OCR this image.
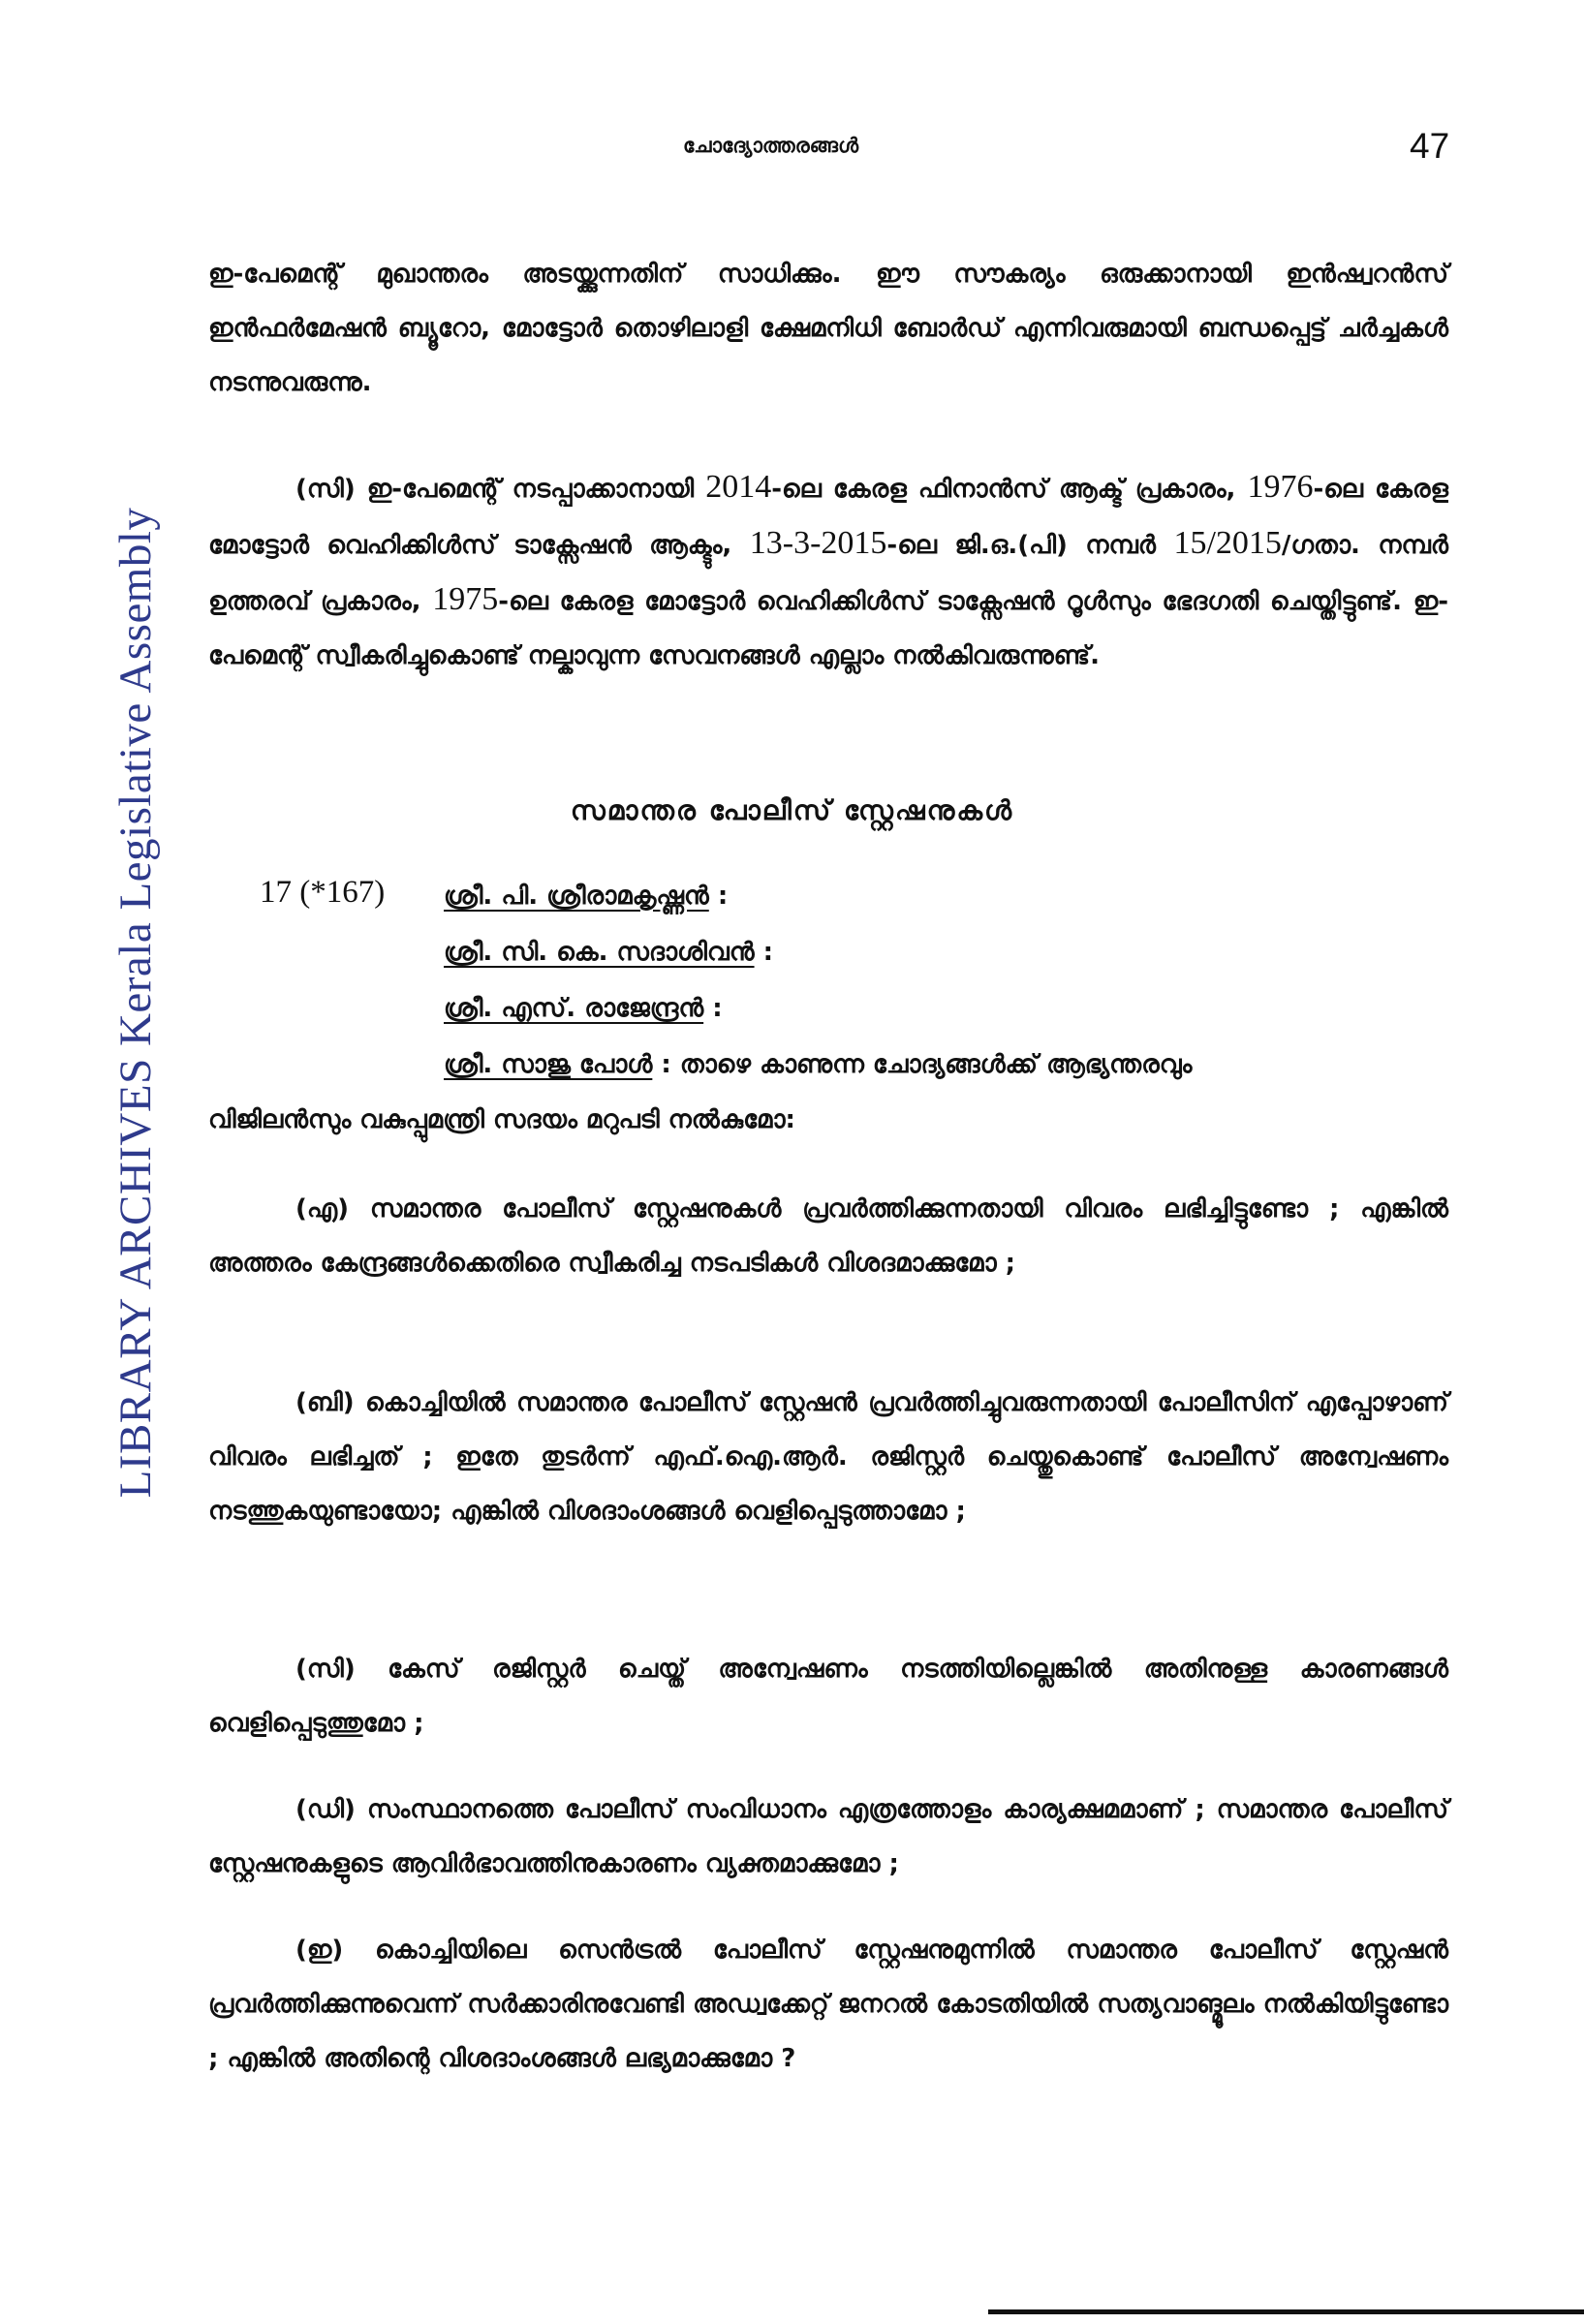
LIBRARY ARCHIVES Kerala Legislative Assembly
ചോദ്യോത്തരങ്ങൾ	47

ഇ-പേമെന്റ് മുഖാന്തരം അടയ്ക്കുന്നതിന് സാധിക്കും. ഈ സൗകര്യം ഒരുക്കാനായി ഇൻഷ്വറൻസ് ഇൻഫർമേഷൻ ബ്യൂറോ, മോട്ടോർ തൊഴിലാളി ക്ഷേമനിധി ബോർഡ് എന്നിവരുമായി ബന്ധപ്പെട്ട് ചർച്ചകൾ നടന്നുവരുന്നു.

(സി) ഇ-പേമെന്റ് നടപ്പാക്കാനായി 2014-ലെ കേരള ഫിനാൻസ് ആക്ട് പ്രകാരം, 1976-ലെ കേരള മോട്ടോർ വെഹിക്കിൾസ് ടാക്സേഷൻ ആക്ടും, 13-3-2015-ലെ ജി.ഒ.(പി) നമ്പർ 15/2015/ഗതാ. നമ്പർ ഉത്തരവ് പ്രകാരം, 1975-ലെ കേരള മോട്ടോർ വെഹിക്കിൾസ് ടാക്സേഷൻ റൂൾസും ഭേദഗതി ചെയ്തിട്ടുണ്ട്. ഇ-പേമെന്റ് സ്വീകരിച്ചുകൊണ്ട് നല്കാവുന്ന സേവനങ്ങൾ എല്ലാം നൽകിവരുന്നുണ്ട്.

സമാന്തര പോലീസ് സ്റ്റേഷനുകൾ
17 (*167) ശ്രീ. പി. ശ്രീരാമകൃഷ്ണൻ :
ശ്രീ. സി. കെ. സദാശിവൻ :
ശ്രീ. എസ്. രാജേന്ദ്രൻ :
ശ്രീ. സാജു പോൾ : താഴെ കാണുന്ന ചോദ്യങ്ങൾക്ക് ആഭ്യന്തരവും

വിജിലൻസും വകുപ്പുമന്ത്രി സദയം മറുപടി നൽകുമോ:

(എ) സമാന്തര പോലീസ് സ്റ്റേഷനുകൾ പ്രവർത്തിക്കുന്നതായി വിവരം ലഭിച്ചിട്ടുണ്ടോ ; എങ്കിൽ അത്തരം കേന്ദ്രങ്ങൾക്കെതിരെ സ്വീകരിച്ച നടപടികൾ വിശദമാക്കുമോ ;

(ബി) കൊച്ചിയിൽ സമാന്തര പോലീസ് സ്റ്റേഷൻ പ്രവർത്തിച്ചുവരുന്നതായി പോലീസിന് എപ്പോഴാണ് വിവരം ലഭിച്ചത് ; ഇതേ തുടർന്ന് എഫ്.ഐ.ആർ. രജിസ്റ്റർ ചെയ്തുകൊണ്ട് പോലീസ് അന്വേഷണം നടത്തുകയുണ്ടായോ; എങ്കിൽ വിശദാംശങ്ങൾ വെളിപ്പെടുത്താമോ ;

(സി) കേസ് രജിസ്റ്റർ ചെയ്ത് അന്വേഷണം നടത്തിയില്ലെങ്കിൽ അതിനുള്ള കാരണങ്ങൾ വെളിപ്പെടുത്തുമോ ;

(ഡി) സംസ്ഥാനത്തെ പോലീസ് സംവിധാനം എത്രത്തോളം കാര്യക്ഷമമാണ് ; സമാന്തര പോലീസ് സ്റ്റേഷനുകളുടെ ആവിർഭാവത്തിനുകാരണം വ്യക്തമാക്കുമോ ;

(ഇ) കൊച്ചിയിലെ സെൻട്രൽ പോലീസ് സ്റ്റേഷനുമുന്നിൽ സമാന്തര പോലീസ് സ്റ്റേഷൻ പ്രവർത്തിക്കുന്നുവെന്ന് സർക്കാരിനുവേണ്ടി അഡ്വക്കേറ്റ് ജനറൽ കോടതിയിൽ സത്യവാങ്മൂലം നൽകിയിട്ടുണ്ടോ ; എങ്കിൽ അതിന്റെ വിശദാംശങ്ങൾ ലഭ്യമാക്കുമോ ?
